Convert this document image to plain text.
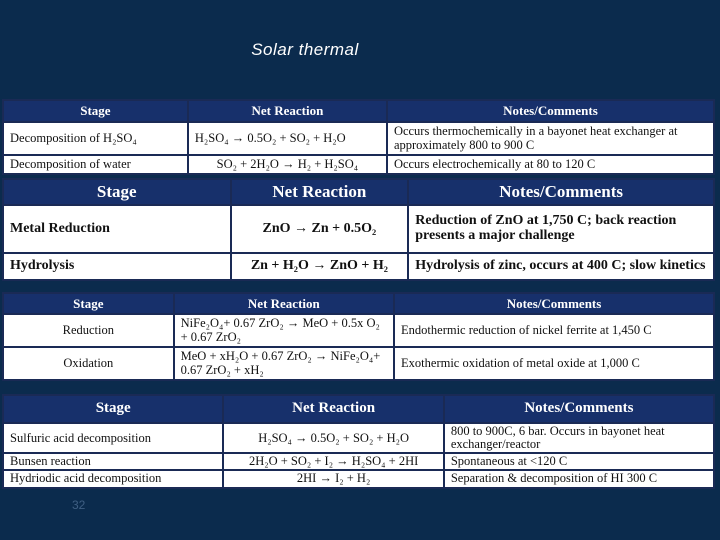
Solar thermal
Stage	Net Reaction	Notes/Comments
Decomposition of H₂SO₄	H₂SO₄ → 0.5O₂ + SO₂ + H₂O	Occurs thermochemically in a bayonet heat exchanger at approximately 800 to 900 C
Decomposition of water	SO₂ + 2H₂O → H₂ + H₂SO₄	Occurs electrochemically at 80 to 120 C
Stage	Net Reaction	Notes/Comments
Metal Reduction	ZnO → Zn + 0.5O₂	Reduction of ZnO at 1,750 C; back reaction presents a major challenge
Hydrolysis	Zn + H₂O → ZnO + H₂	Hydrolysis of zinc, occurs at 400 C; slow kinetics
Stage	Net Reaction	Notes/Comments
Reduction	NiFe₂O₄+ 0.67 ZrO₂ → MeO + 0.5x O₂ + 0.67 ZrO₂	Endothermic reduction of nickel ferrite at 1,450 C
Oxidation	MeO + xH₂O + 0.67 ZrO₂ → NiFe₂O₄+ 0.67 ZrO₂ + xH₂	Exothermic oxidation of metal oxide at 1,000 C
Stage	Net Reaction	Notes/Comments
Sulfuric acid decomposition	H₂SO₄ → 0.5O₂ + SO₂ + H₂O	800 to 900C, 6 bar. Occurs in bayonet heat exchanger/reactor
Bunsen reaction	2H₂O + SO₂ + I₂ → H₂SO₄ + 2HI	Spontaneous at <120 C
Hydriodic acid decomposition	2HI → I₂ + H₂	Separation & decomposition of HI 300 C
32
